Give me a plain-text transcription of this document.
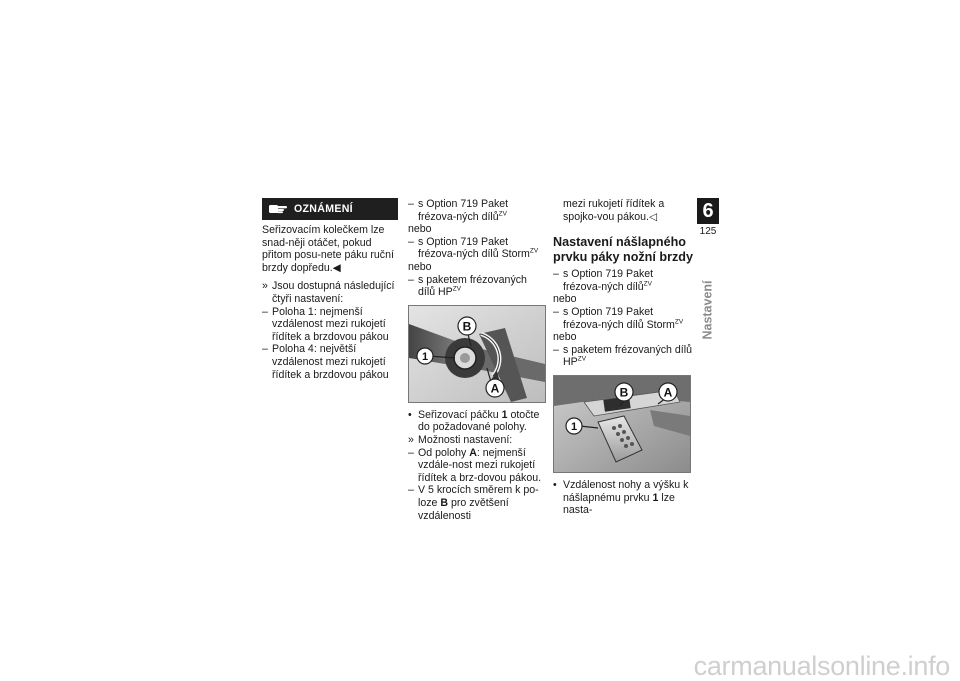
OZNÁMENÍ
Seřizovacím kolečkem lze snad-něji otáčet, pokud přitom posu-nete páku ruční brzdy dopředu.◀
» Jsou dostupná následující čtyři nastavení:
– Poloha 1: nejmenší vzdálenost mezi rukojetí řídítek a brzdovou pákou
– Poloha 4: největší vzdálenost mezi rukojetí řídítek a brzdovou pákou
– s Option 719 Paket frézova-ných dílů$^{ZV}$
nebo
– s Option 719 Paket frézova-ných dílů Storm$^{ZV}$
nebo
– s paketem frézovaných dílů $HP^{ZV}$
B
1
A
• Seřizovací páčku 1 otočte do požadované polohy.
» Možnosti nastavení:
– Od polohy A: nejmenší vzdále-nost mezi rukojetí řídítek a brz-dovou pákou.
– V 5 krocích směrem k po-loze B pro zvětšení vzdálenosti
mezi rukojetí řídítek a spojko-vou pákou.◁
Nastavení nášlapného prvku páky nožní brzdy
– s Option 719 Paket frézova-ných dílů$^{ZV}$
nebo
– s Option 719 Paket frézova-ných dílů Storm$^{ZV}$
nebo
– s paketem frézovaných dílů $HP^{ZV}$
B	A
1
• Vzdálenost nohy a výšku k nášlapnému prvku 1 lze nasta-
6
125
Nastavení
carmanualsonline.info
